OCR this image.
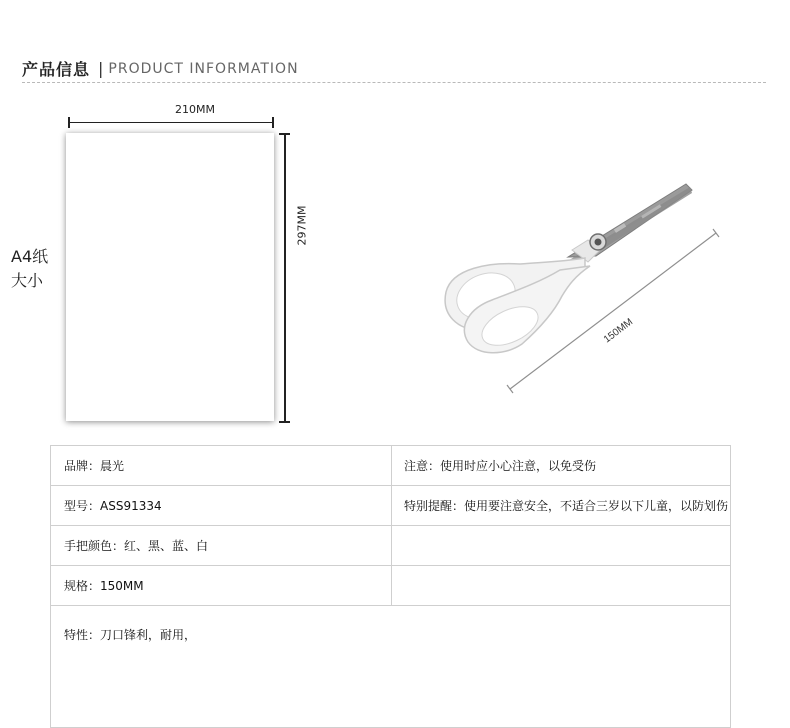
产品信息 | PRODUCT INFORMATION
210MM
297MM
A4纸
大小
150MM
品牌：晨光	注意：使用时应小心注意，以免受伤
型号：ASS91334	特别提醒：使用要注意安全，不适合三岁以下儿童，以防划伤
手把颜色：红、黑、蓝、白	
规格：150MM	
特性：刀口锋利，耐用，	
